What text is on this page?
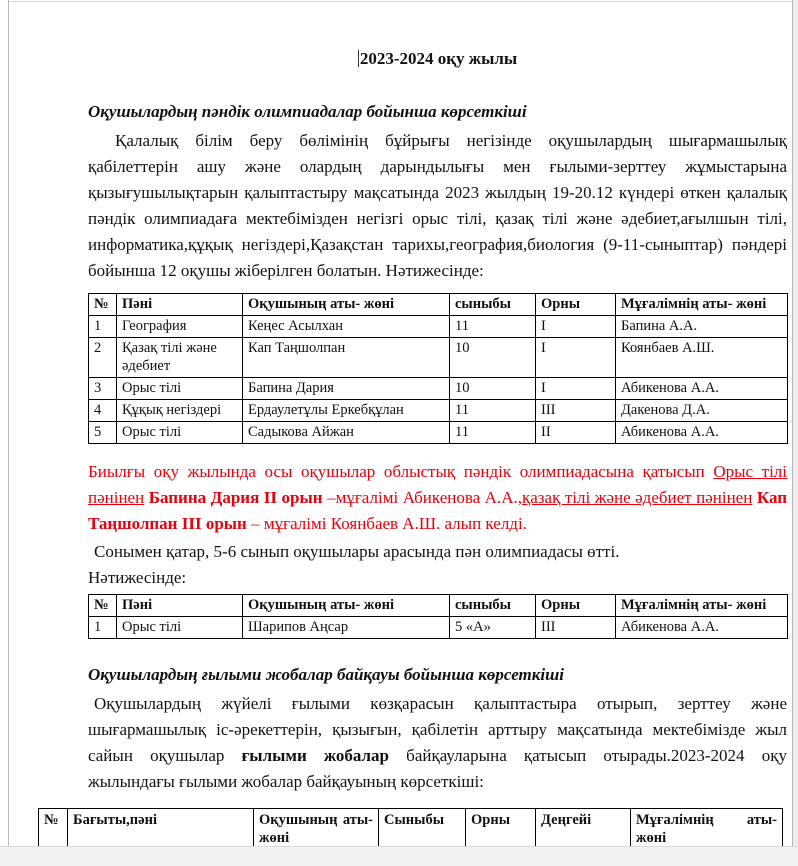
2023-2024 оқу жылы
Оқушылардың пәндік олимпиадалар бойынша көрсеткіші

Қалалық білім беру бөлімінің бұйрығы негізінде оқушылардың шығармашылық қабілеттерін ашу және олардың дарындылығы мен ғылыми-зерттеу жұмыстарына қызығушылықтарын қалыптастыру мақсатында 2023 жылдың 19-20.12 күндері өткен қалалық пәндік олимпиадаға мектебімізден негізгі орыс тілі, қазақ тілі және әдебиет,ағылшын тілі, информатика,құқық негіздері,Қазақстан тарихы,география,биология (9-11-сыныптар) пәндері бойынша 12 оқушы жіберілген болатын. Нәтижесінде:

№	Пәні	Оқушының аты- жөні	сыныбы	Орны	Мұғалімнің аты- жөні
1	География	Кеңес Асылхан	11	I	Бапина А.А.
2	Қазақ тілі және әдебиет	Кап Таңшолпан	10	I	Коянбаев А.Ш.
3	Орыс тілі	Бапина Дария	10	I	Абикенова А.А.
4	Құқық негіздері	Ердаулетұлы Еркебқұлан	11	III	Дакенова Д.А.
5	Орыс тілі	Садыкова Айжан	11	II	Абикенова А.А.

Биылғы оқу жылында осы оқушылар облыстық пәндік олимпиадасына қатысып Орыс тілі пәнінен Бапина Дария II орын –мұғалімі Абикенова А.А.,қазақ тілі және әдебиет пәнінен Кап Таңшолпан III орын – мұғалімі Коянбаев А.Ш. алып келді.

Сонымен қатар, 5-6 сынып оқушылары арасында пән олимпиадасы өтті.

Нәтижесінде:

№	Пәні	Оқушының аты- жөні	сыныбы	Орны	Мұғалімнің аты- жөні
1	Орыс тілі	Шарипов Аңсар	5 «А»	III	Абикенова А.А.
Оқушылардың ғылыми жобалар байқауы бойынша көрсеткіші

Оқушылардың жүйелі ғылыми көзқарасын қалыптастыра отырып, зерттеу және шығармашылық іс-әрекеттерін, қызығын, қабілетін арттыру мақсатында мектебімізде жыл сайын оқушылар ғылыми жобалар байқауларына қатысып отырады.2023-2024 оқу жылындағы ғылыми жобалар байқауының көрсеткіші:

№	Бағыты,пәні	Оқушының аты-жөні	Сыныбы	Орны	Деңгейі	Мұғалімнің аты-жөні
